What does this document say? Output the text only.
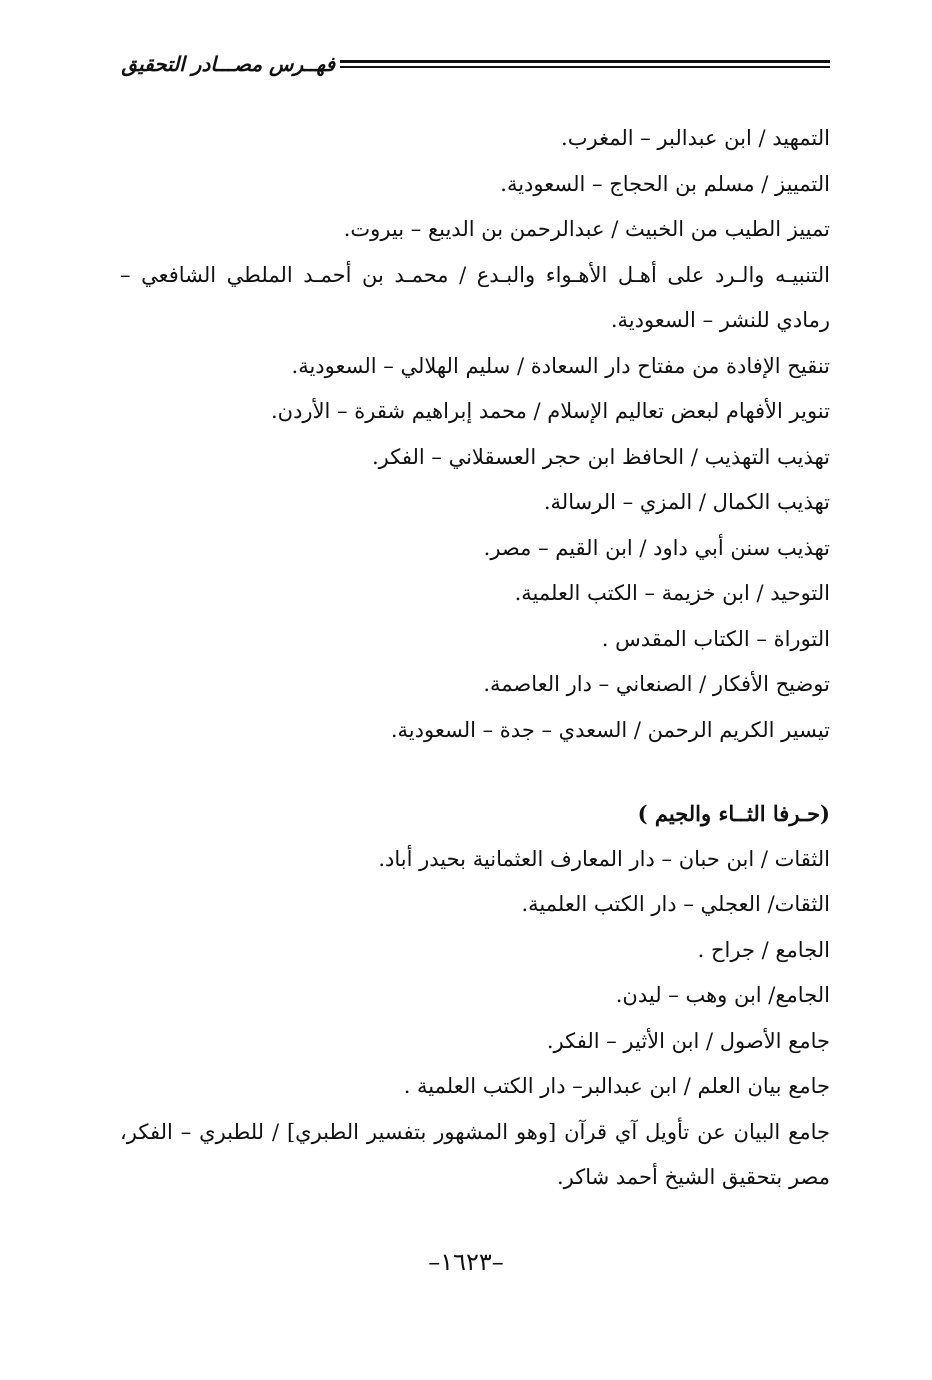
فهــرس مصـــادر التحقيق
التمهيد / ابن عبدالبر – المغرب.
التمييز / مسلم بن الحجاج – السعودية.
تمييز الطيب من الخبيث / عبدالرحمن بن الديبع – بيروت.
التنبيـه والـرد على أهـل الأهـواء والبـدع / محمـد بن أحمـد الملطي الشافعي –
رمادي للنشر – السعودية.
تنقيح الإفادة من مفتاح دار السعادة / سليم الهلالي – السعودية.
تنوير الأفهام لبعض تعاليم الإسلام / محمد إبراهيم شقرة – الأردن.
تهذيب التهذيب / الحافظ ابن حجر العسقلاني – الفكر.
تهذيب الكمال / المزي – الرسالة.
تهذيب سنن أبي داود / ابن القيم – مصر.
التوحيد / ابن خزيمة – الكتب العلمية.
التوراة – الكتاب المقدس .
توضيح الأفكار / الصنعاني – دار العاصمة.
تيسير الكريم الرحمن / السعدي – جدة – السعودية.
(حـرفا الثــاء والجيم )
الثقات / ابن حبان – دار المعارف العثمانية بحيدر أباد.
الثقات/ العجلي – دار الكتب العلمية.
الجامع / جراح .
الجامع/ ابن وهب – ليدن.
جامع الأصول / ابن الأثير – الفكر.
جامع بيان العلم / ابن عبدالبر– دار الكتب العلمية .
جامع البيان عن تأويل آي قرآن [وهو المشهور بتفسير الطبري] / للطبري – الفكر،
مصر بتحقيق الشيخ أحمد شاكر.
–١٦٢٣–
